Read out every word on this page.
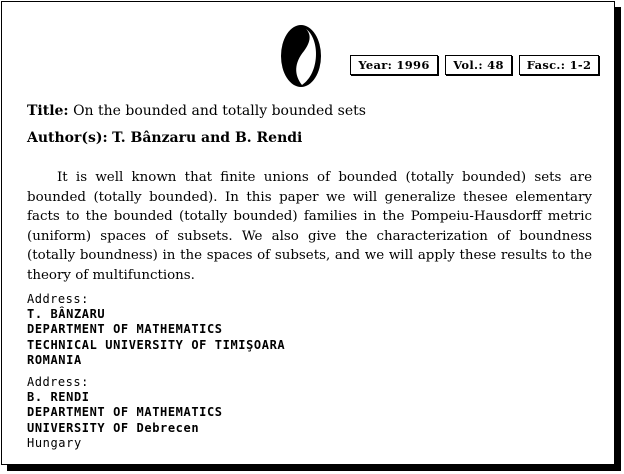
Year: 1996	Vol.: 48	Fasc.: 1-2
Title: On the bounded and totally bounded sets
Author(s): T. Bânzaru and B. Rendi

It is well known that finite unions of bounded (totally bounded) sets are bounded (totally bounded). In this paper we will generalize thesee elementary facts to the bounded (totally bounded) families in the Pompeiu-Hausdorff metric (uniform) spaces of subsets. We also give the characterization of boundness (totally boundness) in the spaces of subsets, and we will apply these results to the theory of multifunctions.

Address:
T. BÂNZARU
DEPARTMENT OF MATHEMATICS
TECHNICAL UNIVERSITY OF TIMIŞOARA
ROMANIA
Address:
B. RENDI
DEPARTMENT OF MATHEMATICS
UNIVERSITY OF Debrecen
Hungary
